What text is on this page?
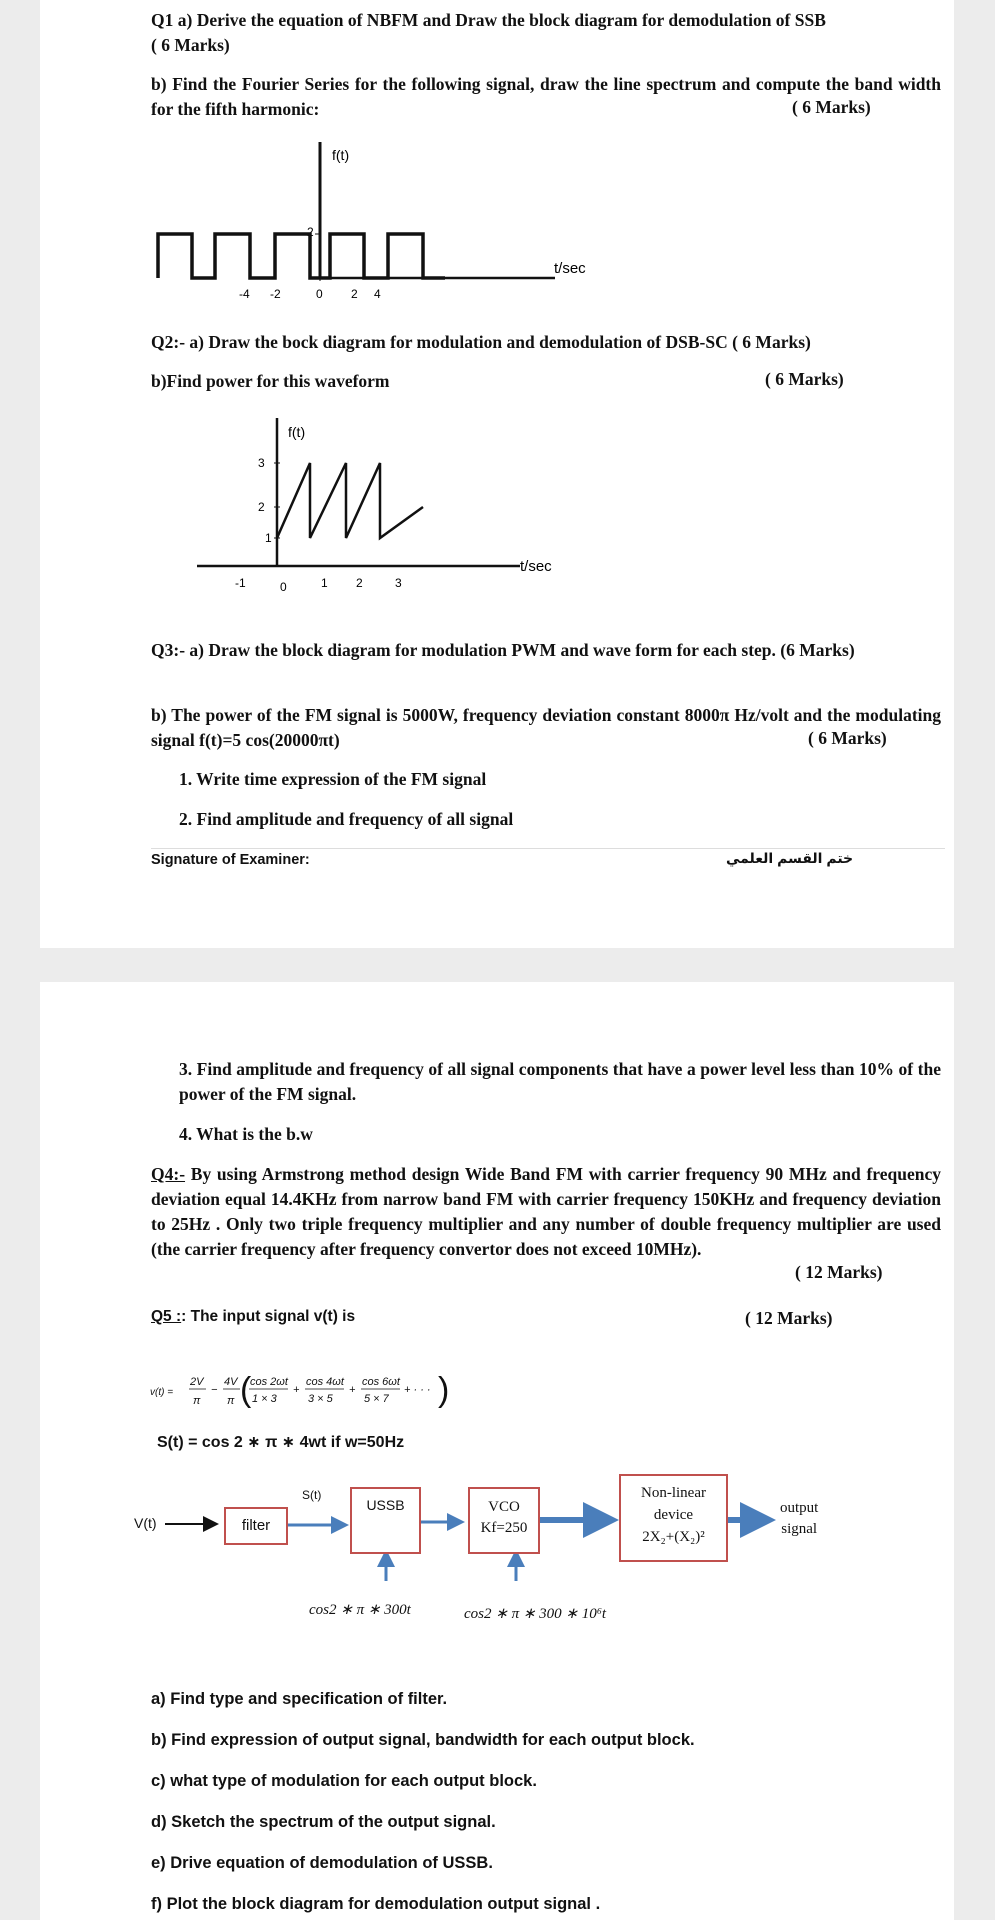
Q1 a) Derive the equation of NBFM and Draw the block diagram for demodulation of SSB
( 6 Marks)
b) Find the Fourier Series for the following signal, draw the line spectrum and compute the band width for the fifth harmonic:	( 6 Marks)
f(t)
t/sec
2
-4 -2	0 2 4
Q2:- a) Draw the bock diagram for modulation and demodulation of DSB-SC ( 6 Marks)
b)Find power for this waveform	( 6 Marks)
f(t)
t/sec
3
2
1
-1	0	1 2	3
Q3:- a) Draw the block diagram for modulation PWM and wave form for each step. (6 Marks)
b) The power of the FM signal is 5000W, frequency deviation constant 8000π Hz/volt and the modulating signal f(t)=5 cos(20000πt)	( 6 Marks)
1. Write time expression of the FM signal
2. Find amplitude and frequency of all signal
Signature of Examiner:	ختم القسم العلمي
3. Find amplitude and frequency of all signal components that have a power level less than 10% of the power of the FM signal.
4. What is the b.w
Q4:- By using Armstrong method design Wide Band FM with carrier frequency 90 MHz and frequency deviation equal 14.4KHz from narrow band FM with carrier frequency 150KHz and frequency deviation to 25Hz . Only two triple frequency multiplier and any number of double frequency multiplier are used (the carrier frequency after frequency convertor does not exceed 10MHz).
( 12 Marks)
Q5 :: The input signal v(t) is	( 12 Marks)
v(t) =
2V
π
−
4V
π (
cos 2ωt
1 × 3
+
cos 4ωt
3 × 5
+
cos 6ωt
5 × 7
+ · · · )
S(t) = cos 2 ∗ π ∗ 4wt if w=50Hz
V(t)	filter
S(t)
USSB	VCO
Kf=250
Non-linear
device
2X₂+(X₂)²
output
signal
cos2 ∗ π ∗ 300t	cos2 ∗ π ∗ 300 ∗ 10⁶t
a) Find type and specification of filter.
b) Find expression of output signal, bandwidth for each output block.
c) what type of modulation for each output block.
d) Sketch the spectrum of the output signal.
e) Drive equation of demodulation of USSB.
f) Plot the block diagram for demodulation output signal .
